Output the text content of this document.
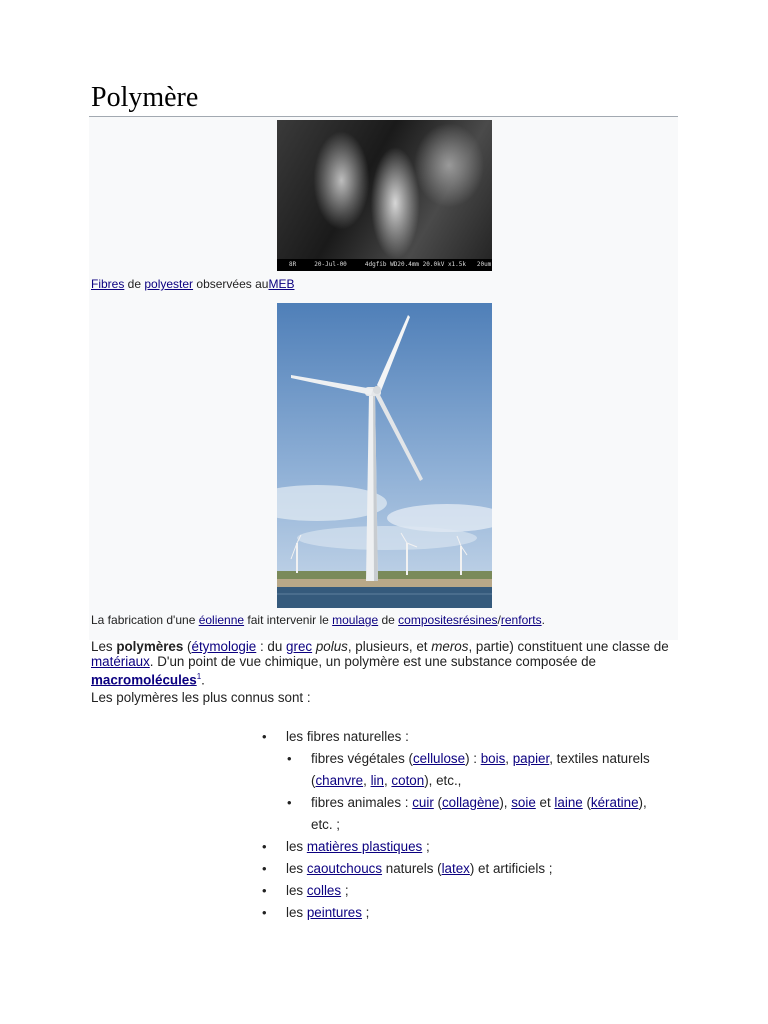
Polymère
8R     20-Jul-00     4dgfib WD20.4mm 20.0kV x1.5k   20um
Fibres de polyester observées auMEB
La fabrication d'une éolienne fait intervenir le moulage de compositesrésines/renforts.
Les polymères (étymologie : du grec polus, plusieurs, et meros, partie) constituent une classe de matériaux. D'un point de vue chimique, un polymère est une substance composée de macromolécules$^1$.
Les polymères les plus connus sont :
• les fibres naturelles :
• fibres végétales (cellulose) : bois, papier, textiles naturels (chanvre, lin, coton), etc.,
• fibres animales : cuir (collagène), soie et laine (kératine), etc. ;
• les matières plastiques ;
• les caoutchoucs naturels (latex) et artificiels ;
• les colles ;
• les peintures ;
